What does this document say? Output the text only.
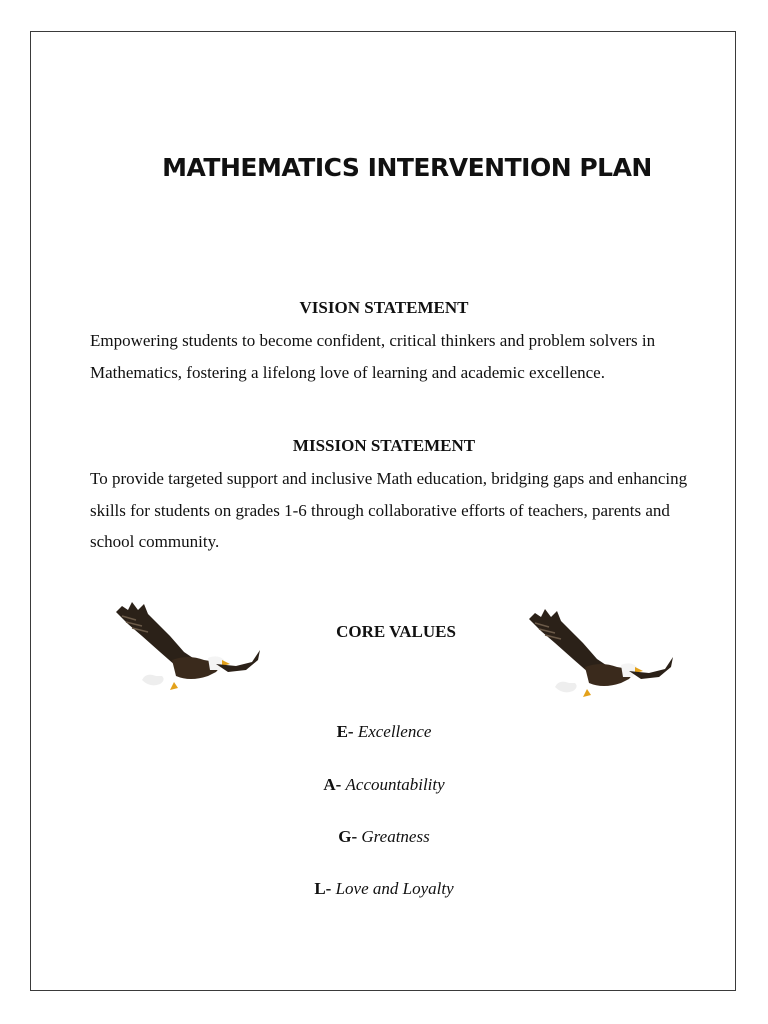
MATHEMATICS INTERVENTION PLAN
VISION STATEMENT

Empowering students to become confident, critical thinkers and problem solvers in Mathematics, fostering a lifelong love of learning and academic excellence.

MISSION STATEMENT

To provide targeted support and inclusive Math education, bridging gaps and enhancing skills for students on grades 1-6 through collaborative efforts of teachers, parents and school community.

CORE VALUES

E- Excellence

A- Accountability

G- Greatness

L- Love and Loyalty
